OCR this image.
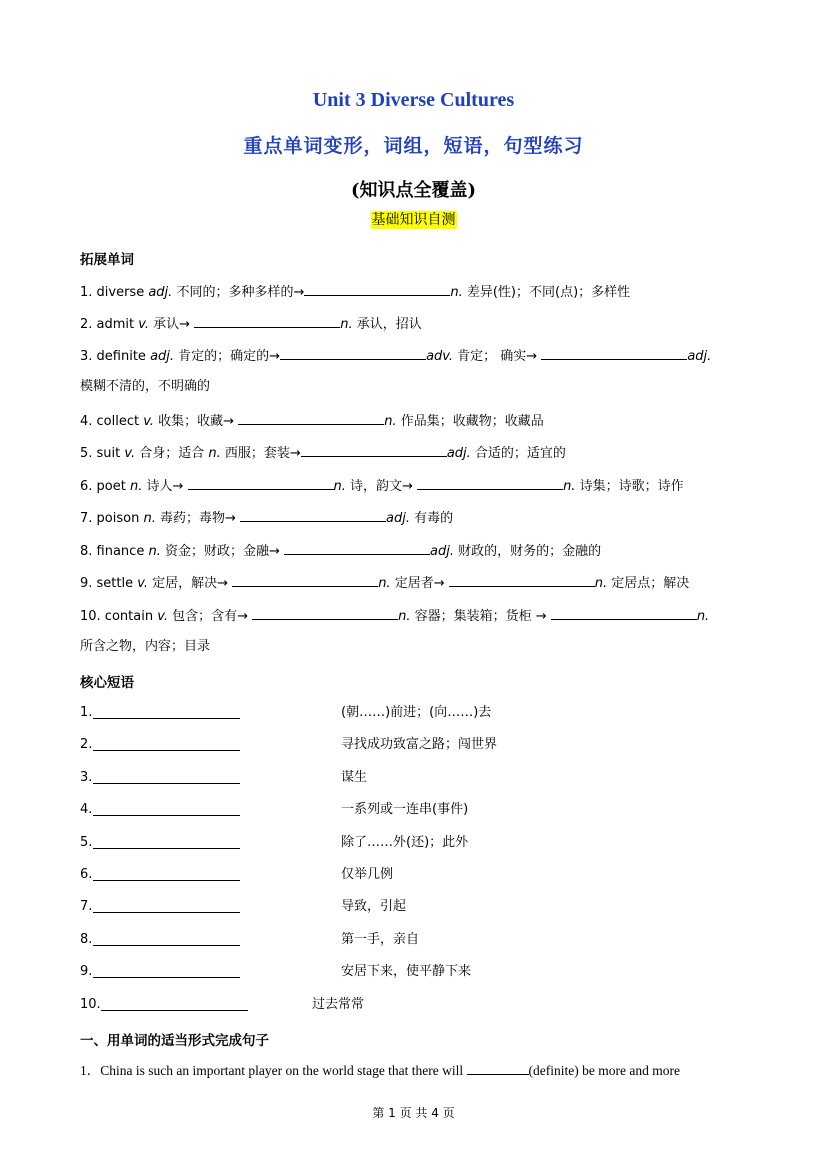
Unit 3 Diverse Cultures
重点单词变形，词组，短语，句型练习
(知识点全覆盖)
基础知识自测
拓展单词
1. diverse adj. 不同的；多种多样的→	n. 差异(性)；不同(点)；多样性
2. admit v. 承认→	n. 承认，招认
3. definite adj. 肯定的；确定的→	adv. 肯定； 确实→	adj.
模糊不清的，不明确的
4. collect v. 收集；收藏→	n. 作品集；收藏物；收藏品
5. suit v. 合身；适合 n. 西服；套装→	adj. 合适的；适宜的
6. poet n. 诗人→	n. 诗，韵文→	n. 诗集；诗歌；诗作
7. poison n. 毒药；毒物→	adj. 有毒的
8. finance n. 资金；财政；金融→	adj. 财政的，财务的；金融的
9. settle v. 定居，解决→	n. 定居者→	n. 定居点；解决
10. contain v. 包含；含有→	n. 容器；集装箱；货柜 →	n.
所含之物，内容；目录
核心短语
1.	(朝……)前进；(向……)去
2.	寻找成功致富之路；闯世界
3.	谋生
4.	一系列或一连串(事件)
5.	除了……外(还)；此外
6.	仅举几例
7.	导致，引起
8.	第一手，亲自
9.	安居下来，使平静下来
10.	过去常常
一、用单词的适当形式完成句子
1．China is such an important player on the world stage that there will	(definite) be more and more
第 1 页 共 4 页
